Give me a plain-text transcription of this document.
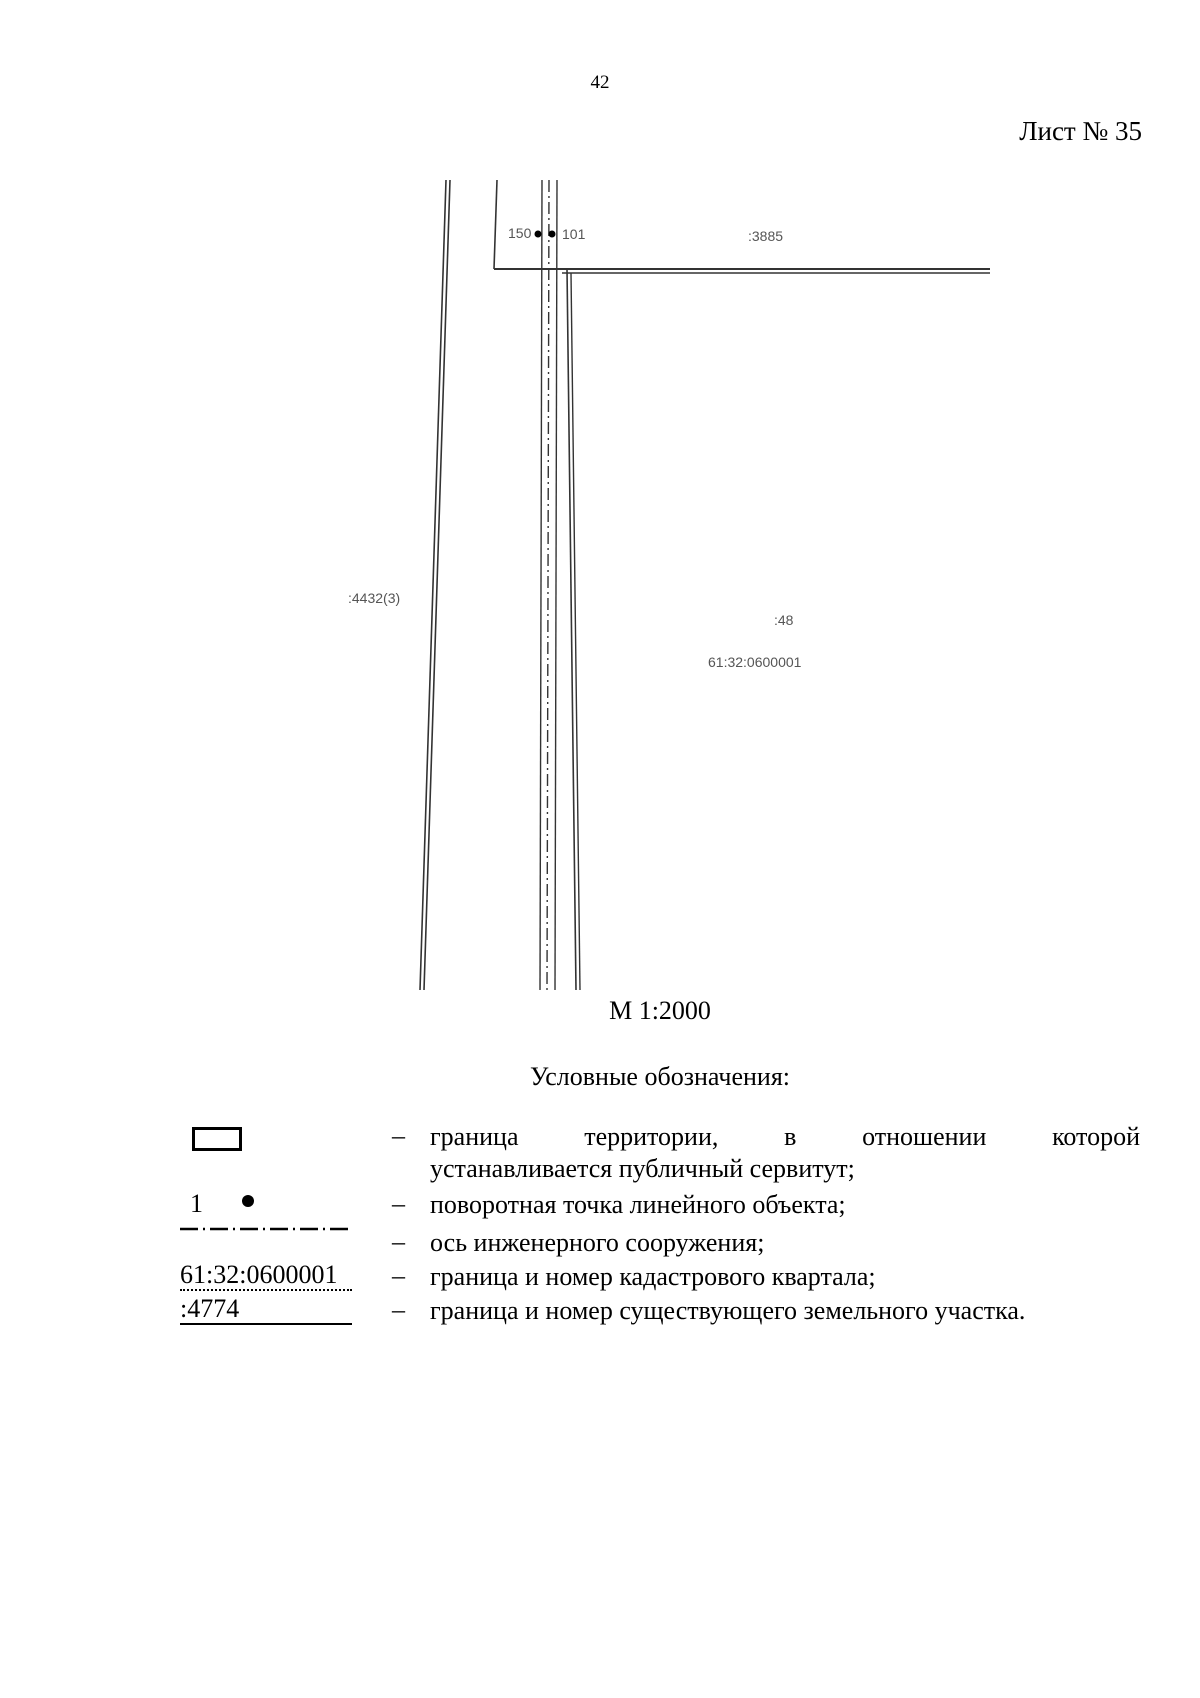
42
Лист № 35
150 101	:3885
:4432(3)
:48
61:32:0600001
М 1:2000
Условные обозначения:
– граница территории, в отношении которой
устанавливается публичный сервитут;
1	– поворотная точка линейного объекта;
– ось инженерного сооружения;
61:32:0600001	– граница и номер кадастрового квартала;
:4774	– граница и номер существующего земельного участка.
